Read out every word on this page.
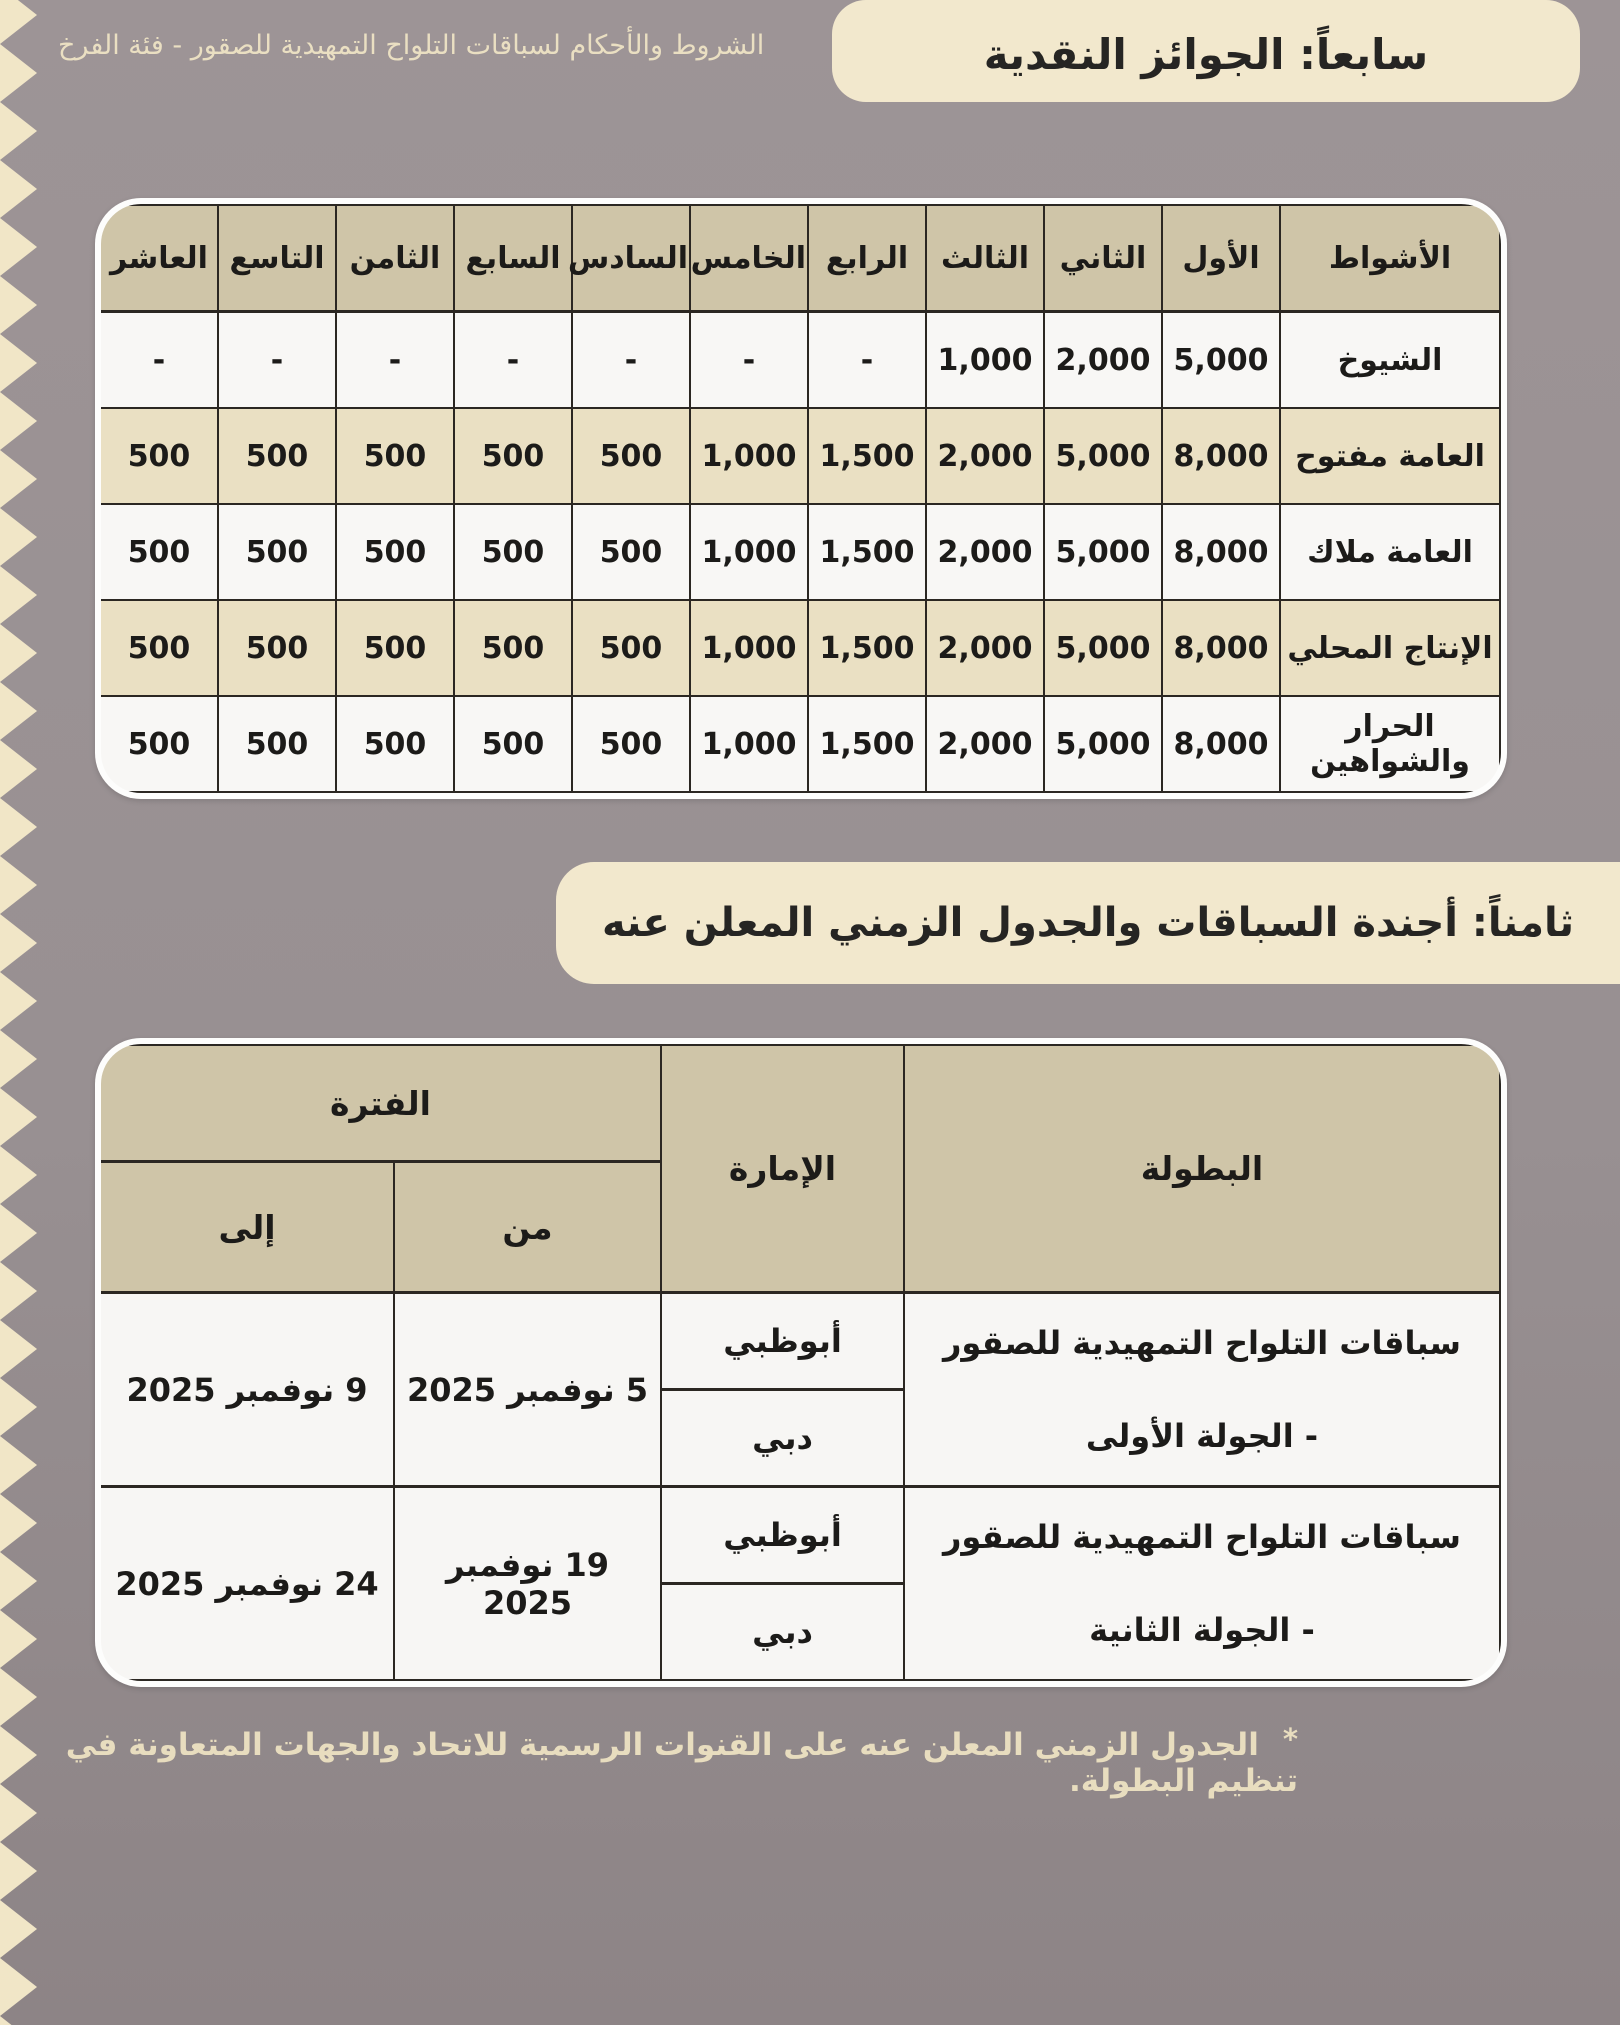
الشروط والأحكام لسباقات التلواح التمهيدية للصقور - فئة الفرخ	سابعاً: الجوائز النقدية
الأشواط	الأول	الثاني	الثالث	الرابع	الخامس	السادس	السابع	الثامن	التاسع	العاشر
الشيوخ	5,000	2,000	1,000	-	-	-	-	-	-	-
العامة مفتوح	8,000	5,000	2,000	1,500	1,000	500	500	500	500	500
العامة ملاك	8,000	5,000	2,000	1,500	1,000	500	500	500	500	500
الإنتاج المحلي	8,000	5,000	2,000	1,500	1,000	500	500	500	500	500
الحرار والشواهين	8,000	5,000	2,000	1,500	1,000	500	500	500	500	500
ثامناً: أجندة السباقات والجدول الزمني المعلن عنه
البطولة	الإمارة	الفترة	
		من	إلى
سباقات التلواح التمهيدية للصقور - الجولة الأولى	أبوظبي	5 نوفمبر 2025	9 نوفمبر 2025
	دبي		
سباقات التلواح التمهيدية للصقور - الجولة الثانية	أبوظبي	19 نوفمبر 2025	24 نوفمبر 2025
	دبي		
*الجدول الزمني المعلن عنه على القنوات الرسمية للاتحاد والجهات المتعاونة في تنظيم البطولة.
